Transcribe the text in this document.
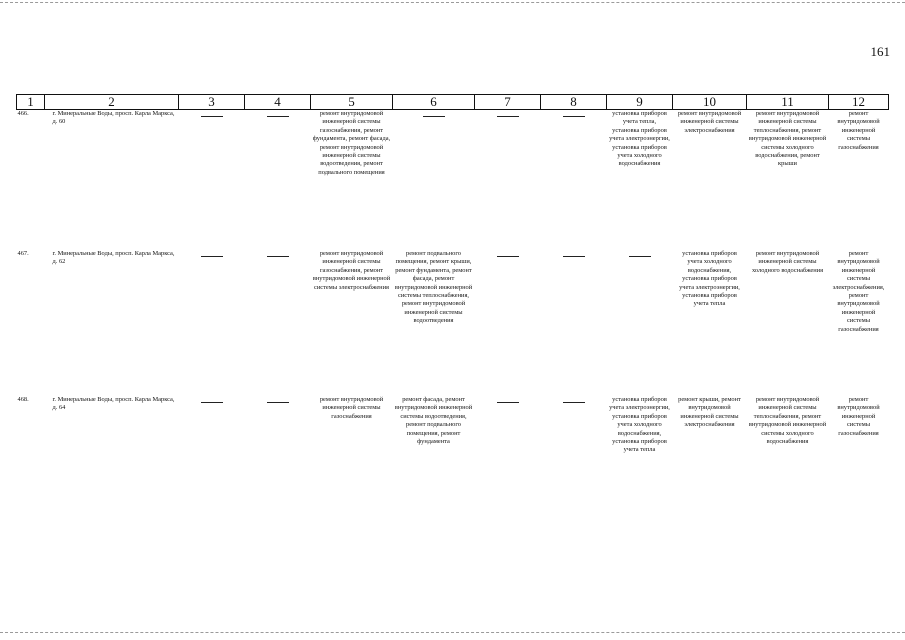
161
1	2	3	4	5	6	7	8	9	10	11	12
466.	г. Минеральные Воды, просп. Карла Маркса, д. 60			ремонт внутридомовой инженерной системы газоснабжения, ремонт фундамента, ремонт фасада, ремонт внутридомовой инженерной системы водоотведения, ремонт подвального помещения				установка приборов учета тепла, установка приборов учета электроэнергии, установка приборов учета холодного водоснабжения	ремонт внутридомовой инженерной системы электроснабжения	ремонт внутридомовой инженерной системы теплоснабжения, ремонт внутридомовой инженерной системы холодного водоснабжения, ремонт крыши	ремонт внутридомовой инженерной системы газоснабжения
467.	г. Минеральные Воды, просп. Карла Маркса, д. 62			ремонт внутридомовой инженерной системы газоснабжения, ремонт внутридомовой инженерной системы электроснабжения	ремонт подвального помещения, ремонт крыши, ремонт фундамента, ремонт фасада, ремонт внутридомовой инженерной системы теплоснабжения, ремонт внутридомовой инженерной системы водоотведения				установка приборов учета холодного водоснабжения, установка приборов учета электроэнергии, установка приборов учета тепла	ремонт внутридомовой инженерной системы холодного водоснабжения	ремонт внутридомовой инженерной системы электроснабжения, ремонт внутридомовой инженерной системы газоснабжения
468.	г. Минеральные Воды, просп. Карла Маркса, д. 64			ремонт внутридомовой инженерной системы газоснабжения	ремонт фасада, ремонт внутридомовой инженерной системы водоотведения, ремонт подвального помещения, ремонт фундамента			установка приборов учета электроэнергии, установка приборов учета холодного водоснабжения, установка приборов учета тепла	ремонт крыши, ремонт внутридомовой инженерной системы электроснабжения	ремонт внутридомовой инженерной системы теплоснабжения, ремонт внутридомовой инженерной системы холодного водоснабжения	ремонт внутридомовой инженерной системы газоснабжения
